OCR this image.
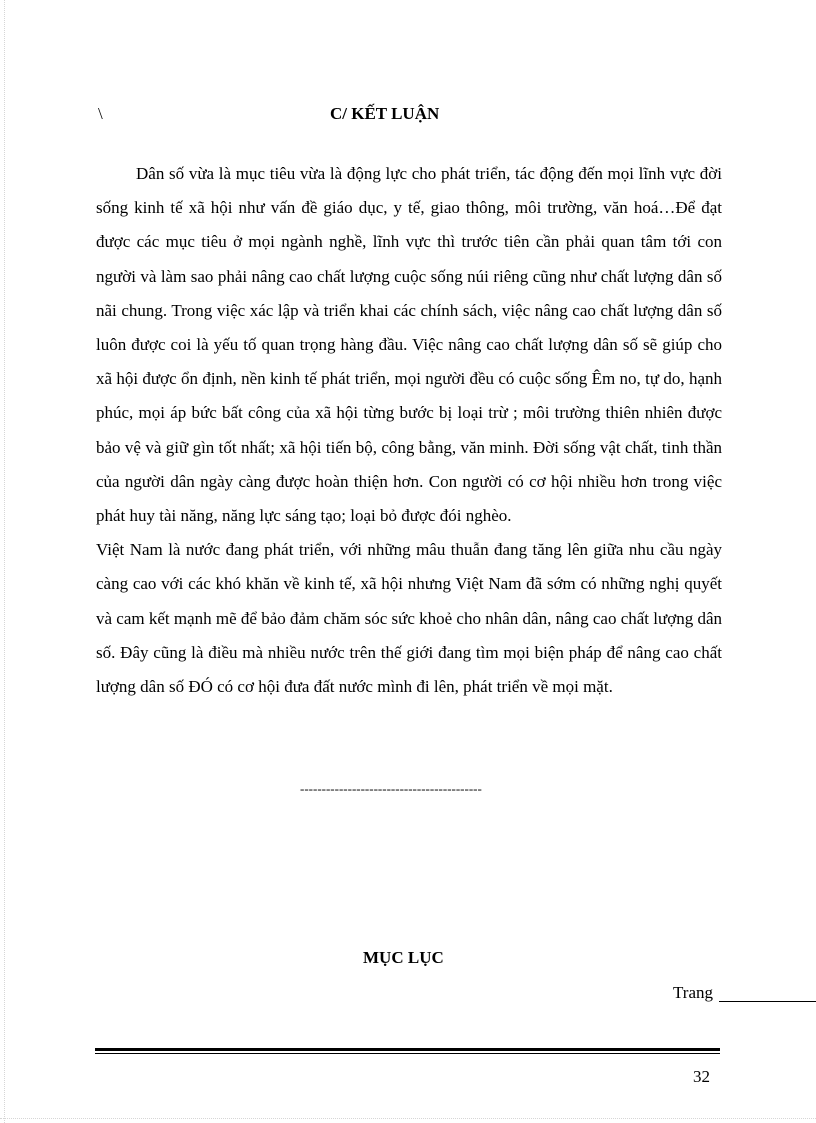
\	C/ KẾT LUẬN

Dân số vừa là mục tiêu vừa là động lực cho phát triển, tác động đến mọi lĩnh vực đời sống kinh tế xã hội như vấn đề giáo dục, y tế, giao thông, môi trường, văn hoá…Để đạt được các mục tiêu ở mọi ngành nghề, lĩnh vực thì trước tiên cần phải quan tâm tới con người và làm sao phải nâng cao chất lượng cuộc sống núi riêng cũng như chất lượng dân số nãi chung. Trong việc xác lập và triển khai các chính sách, việc nâng cao chất lượng dân số luôn được coi là yếu tố quan trọng hàng đầu. Việc nâng cao chất lượng dân số sẽ giúp cho xã hội được ổn định, nền kinh tế phát triển, mọi người đều có cuộc sống Êm no, tự do, hạnh phúc, mọi áp bức bất công của xã hội từng bước bị loại trừ ; môi trường thiên nhiên được bảo vệ và giữ gìn tốt nhất; xã hội tiến bộ, công bằng, văn minh. Đời sống vật chất, tinh thần của người dân ngày càng được hoàn thiện hơn. Con người có cơ hội nhiều hơn trong việc phát huy tài năng, năng lực sáng tạo; loại bỏ được đói nghèo.

Việt Nam là nước đang phát triển, với những mâu thuẫn đang tăng lên giữa nhu cầu ngày càng cao với các khó khăn về kinh tế, xã hội nhưng Việt Nam đã sớm có những nghị quyết và cam kết mạnh mẽ để bảo đảm chăm sóc sức khoẻ cho nhân dân, nâng cao chất lượng dân số. Đây cũng là điều mà nhiều nước trên thế giới đang tìm mọi biện pháp để nâng cao chất lượng dân số ĐÓ có cơ hội đưa đất nước mình đi lên, phát triển về mọi mặt.

------------------------------------------
MỤC LỤC
Trang
32
